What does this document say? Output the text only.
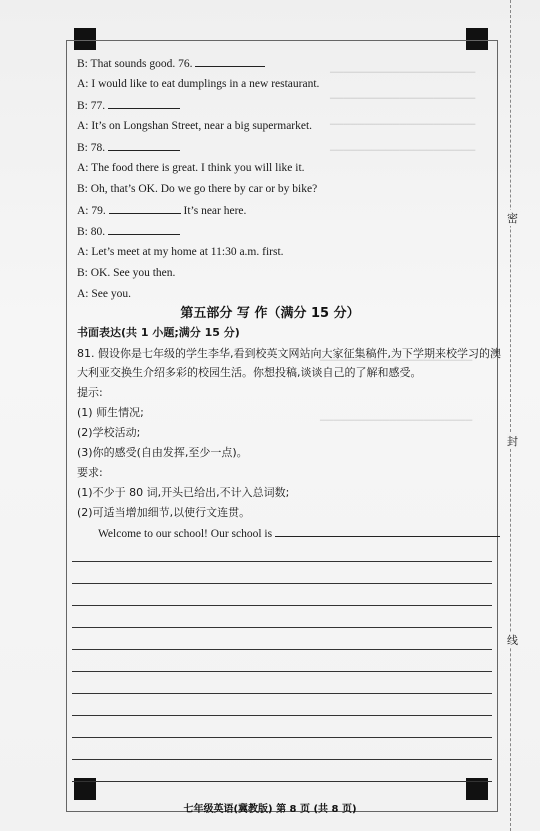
▔▔▔▔▔▔▔▔▔▔▔▔▔▔▔▔▔▔▔▔▔
▔▔▔▔▔▔▔▔▔▔▔▔▔▔▔▔▔▔▔▔▔
▔▔▔▔▔▔▔▔▔▔▔▔▔▔▔▔▔▔▔▔▔
▔▔▔▔▔▔▔▔▔▔▔▔▔▔▔▔▔▔▔▔▔
▔▔▔▔▔▔▔▔▔▔▔▔▔▔▔▔▔▔▔▔▔▔
▔▔▔▔▔▔▔▔▔▔▔▔▔▔▔▔▔▔▔▔▔▔
B: That sounds good. 76.
A: I would like to eat dumplings in a new restaurant.
B: 77.
A: It’s on Longshan Street, near a big supermarket.
B: 78.
A: The food there is great. I think you will like it.
B: Oh, that’s OK. Do we go there by car or by bike?
A: 79.	It’s near here.
B: 80.
A: Let’s meet at my home at 11:30 a.m. first.
B: OK. See you then.
A: See you.
第五部分 写 作（满分 15 分）
书面表达(共 1 小题;满分 15 分)
81. 假设你是七年级的学生李华,看到校英文网站向大家征集稿件,为下学期来校学习的澳
大利亚交换生介绍多彩的校园生活。你想投稿,谈谈自己的了解和感受。
提示:
(1) 师生情况;
(2)学校活动;
(3)你的感受(自由发挥,至少一点)。
要求:
(1)不少于 80 词,开头已给出,不计入总词数;
(2)可适当增加细节,以使行文连贯。
Welcome to our school! Our school is
密
封
线
七年级英语(冀教版) 第 8 页 (共 8 页)
